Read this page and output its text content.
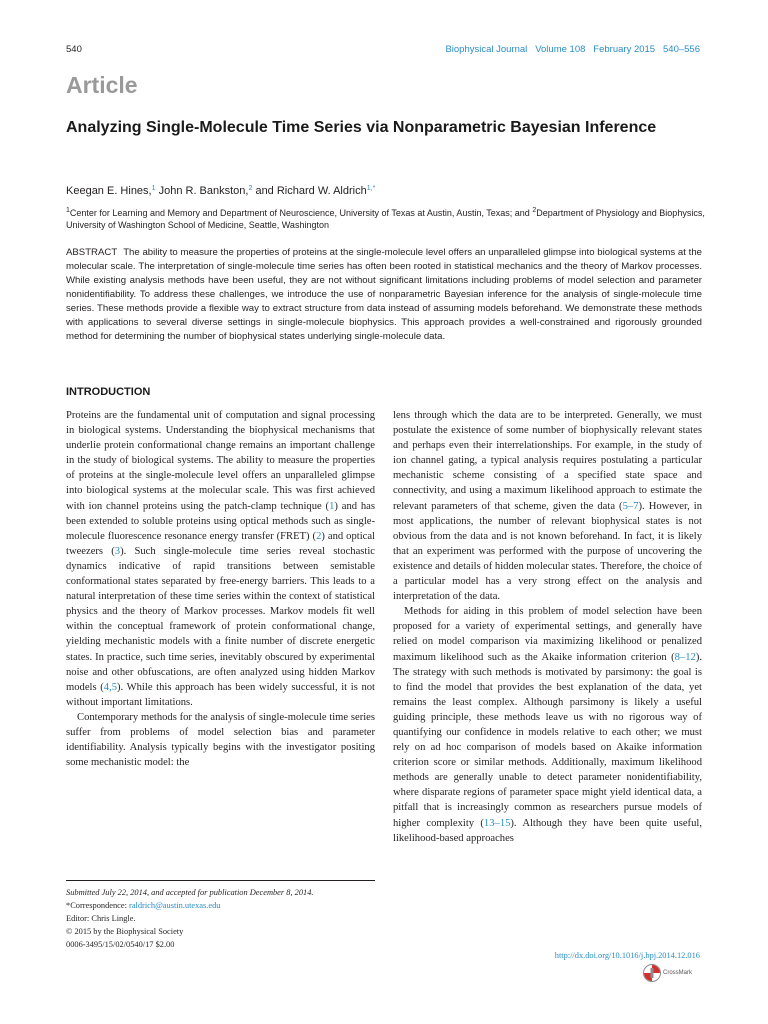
540	Biophysical Journal   Volume 108   February 2015   540–556
Article
Analyzing Single-Molecule Time Series via Nonparametric Bayesian Inference
Keegan E. Hines,$^1$ John R. Bankston,$^2$ and Richard W. Aldrich$^{1,*}$
$^1$Center for Learning and Memory and Department of Neuroscience, University of Texas at Austin, Austin, Texas; and $^2$Department of Physiology and Biophysics, University of Washington School of Medicine, Seattle, Washington
ABSTRACT The ability to measure the properties of proteins at the single-molecule level offers an unparalleled glimpse into biological systems at the molecular scale. The interpretation of single-molecule time series has often been rooted in statistical mechanics and the theory of Markov processes. While existing analysis methods have been useful, they are not without significant limitations including problems of model selection and parameter nonidentifiability. To address these challenges, we introduce the use of nonparametric Bayesian inference for the analysis of single-molecule time series. These methods provide a flexible way to extract structure from data instead of assuming models beforehand. We demonstrate these methods with applications to several diverse settings in single-molecule biophysics. This approach provides a well-constrained and rigorously grounded method for determining the number of biophysical states underlying single-molecule data.
INTRODUCTION

Proteins are the fundamental unit of computation and signal processing in biological systems. Understanding the biophysical mechanisms that underlie protein conformational change remains an important challenge in the study of biological systems. The ability to measure the properties of proteins at the single-molecule level offers an unparalleled glimpse into biological systems at the molecular scale. This was first achieved with ion channel proteins using the patch-clamp technique (1) and has been extended to soluble proteins using optical methods such as single-molecule fluorescence resonance energy transfer (FRET) (2) and optical tweezers (3). Such single-molecule time series reveal stochastic dynamics indicative of rapid transitions between semistable conformational states separated by free-energy barriers. This leads to a natural interpretation of these time series within the context of statistical physics and the theory of Markov processes. Markov models fit well within the conceptual framework of protein conformational change, yielding mechanistic models with a finite number of discrete energetic states. In practice, such time series, inevitably obscured by experimental noise and other obfuscations, are often analyzed using hidden Markov models (4,5). While this approach has been widely successful, it is not without important limitations.

Contemporary methods for the analysis of single-molecule time series suffer from problems of model selection bias and parameter identifiability. Analysis typically begins with the investigator positing some mechanistic model: the

lens through which the data are to be interpreted. Generally, we must postulate the existence of some number of biophysically relevant states and perhaps even their interrelationships. For example, in the study of ion channel gating, a typical analysis requires postulating a particular mechanistic scheme consisting of a specified state space and connectivity, and using a maximum likelihood approach to estimate the relevant parameters of that scheme, given the data (5–7). However, in most applications, the number of relevant biophysical states is not obvious from the data and is not known beforehand. In fact, it is likely that an experiment was performed with the purpose of uncovering the existence and details of hidden molecular states. Therefore, the choice of a particular model has a very strong effect on the analysis and interpretation of the data.

Methods for aiding in this problem of model selection have been proposed for a variety of experimental settings, and generally have relied on model comparison via maximizing likelihood or penalized maximum likelihood such as the Akaike information criterion (8–12). The strategy with such methods is motivated by parsimony: the goal is to find the model that provides the best explanation of the data, yet remains the least complex. Although parsimony is likely a useful guiding principle, these methods leave us with no rigorous way of quantifying our confidence in models relative to each other; we must rely on ad hoc comparison of models based on Akaike information criterion score or similar methods. Additionally, maximum likelihood methods are generally unable to detect parameter nonidentifiability, where disparate regions of parameter space might yield identical data, a pitfall that is increasingly common as researchers pursue models of higher complexity (13–15). Although they have been quite useful, likelihood-based approaches

Submitted July 22, 2014, and accepted for publication December 8, 2014.
*Correspondence: raldrich@austin.utexas.edu
Editor: Chris Lingle.
© 2015 by the Biophysical Society
0006-3495/15/02/0540/17 $2.00
http://dx.doi.org/10.1016/j.bpj.2014.12.016
CrossMark
